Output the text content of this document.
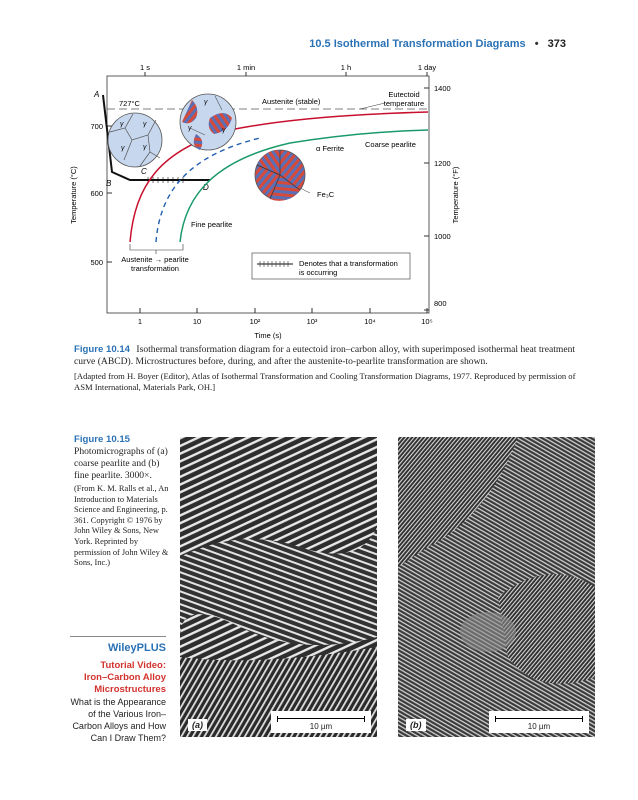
10.5 Isothermal Transformation Diagrams • 373
1 s	1 min	1 h	1 day
1	10	10²	10³	10⁴	10⁵
Time (s)
700
600
500
Temperature (°C)
1400
1200
1000
800
Temperature (°F)
727°C	Austenite (stable)
Eutectoid
temperature
A
B
C
D
α Ferrite	Coarse pearlite
Fe₃C
Fine pearlite
Austenite → pearlite
transformation
Denotes that a transformation
is occurring
γ	γ
γ	γ
γ
γ	γ
Figure 10.14 Isothermal transformation diagram for a eutectoid iron–carbon alloy, with superimposed isothermal heat treatment curve (ABCD). Microstructures before, during, and after the austenite-to-pearlite transformation are shown.
[Adapted from H. Boyer (Editor), Atlas of Isothermal Transformation and Cooling Transformation Diagrams, 1977. Reproduced by permission of ASM International, Materials Park, OH.]
Figure 10.15
Photomicrographs of (a) coarse pearlite and (b) fine pearlite. 3000×.
(From K. M. Ralls et al., An Introduction to Materials Science and Engineering, p. 361. Copyright © 1976 by John Wiley & Sons, New York. Reprinted by permission of John Wiley & Sons, Inc.)
WileyPLUS
Tutorial Video:
Iron–Carbon Alloy
Microstructures
What is the Appearance of the Various Iron–Carbon Alloys and How Can I Draw Them?
(a)	10 µm	(b)	10 µm
